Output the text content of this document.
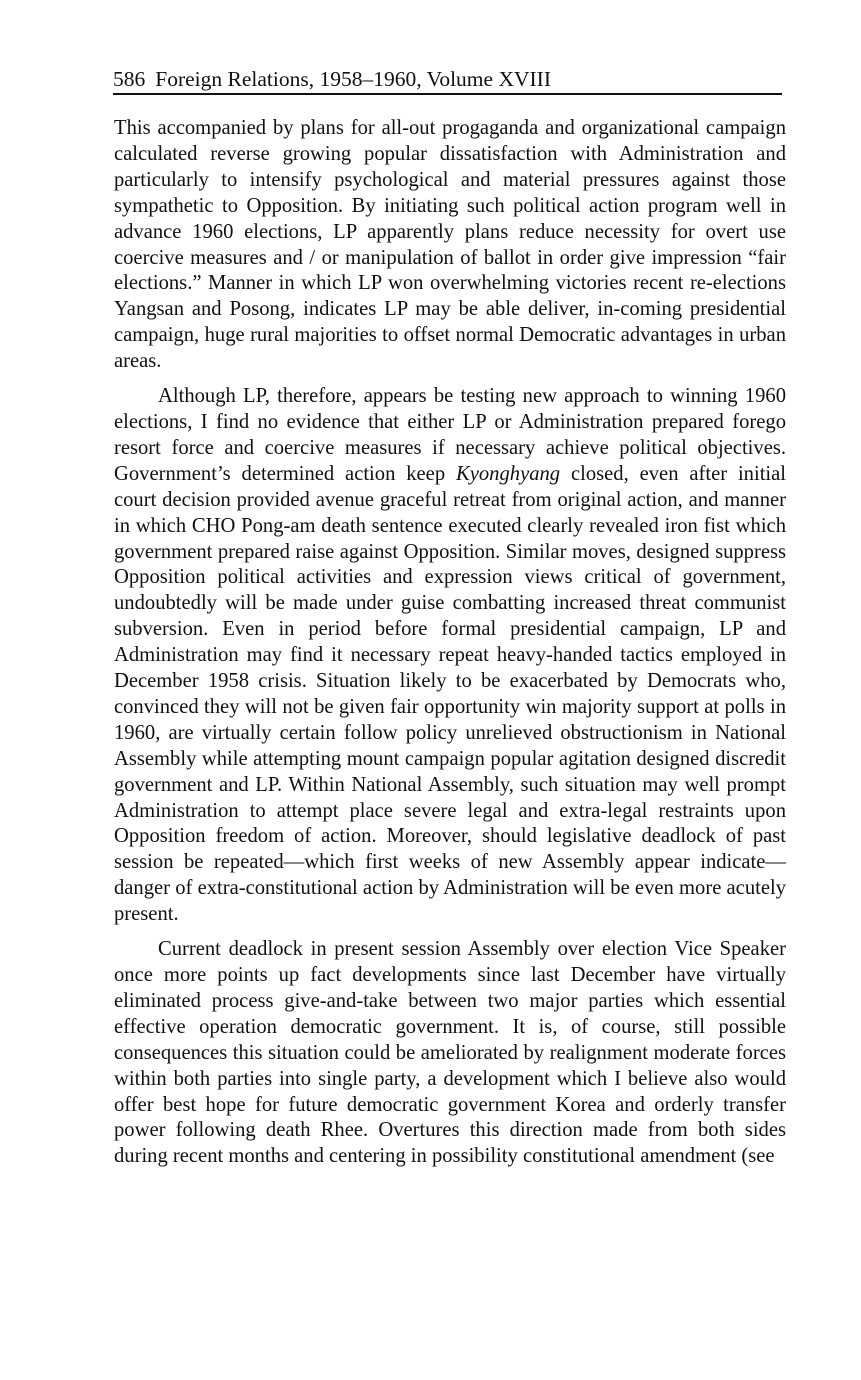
586 Foreign Relations, 1958–1960, Volume XVIII

This accompanied by plans for all-out progaganda and organizational campaign calculated reverse growing popular dissatisfaction with Administration and particularly to intensify psychological and material pressures against those sympathetic to Opposition. By initiating such political action program well in advance 1960 elections, LP apparently plans reduce necessity for overt use coercive measures and / or manipulation of ballot in order give impression “fair elections.” Manner in which LP won overwhelming victories recent re-elections Yangsan and Posong, indicates LP may be able deliver, in-coming presidential campaign, huge rural majorities to offset normal Democratic advantages in urban areas.

Although LP, therefore, appears be testing new approach to winning 1960 elections, I find no evidence that either LP or Administration prepared forego resort force and coercive measures if necessary achieve political objectives. Government’s determined action keep Kyonghyang closed, even after initial court decision provided avenue graceful retreat from original action, and manner in which CHO Pong-am death sentence executed clearly revealed iron fist which government prepared raise against Opposition. Similar moves, designed suppress Opposition political activities and expression views critical of government, undoubtedly will be made under guise combatting increased threat communist subversion. Even in period before formal presidential campaign, LP and Administration may find it necessary repeat heavy-handed tactics employed in December 1958 crisis. Situation likely to be exacerbated by Democrats who, convinced they will not be given fair opportunity win majority support at polls in 1960, are virtually certain follow policy unrelieved obstructionism in National Assembly while attempting mount campaign popular agitation designed discredit government and LP. Within National Assembly, such situation may well prompt Administration to attempt place severe legal and extra-legal restraints upon Opposition freedom of action. Moreover, should legislative deadlock of past session be repeated—which first weeks of new Assembly appear indicate—danger of extra-constitutional action by Administration will be even more acutely present.

Current deadlock in present session Assembly over election Vice Speaker once more points up fact developments since last December have virtually eliminated process give-and-take between two major parties which essential effective operation democratic government. It is, of course, still possible consequences this situation could be ameliorated by realignment moderate forces within both parties into single party, a development which I believe also would offer best hope for future democratic government Korea and orderly transfer power following death Rhee. Overtures this direction made from both sides during recent months and centering in possibility constitutional amendment (see
